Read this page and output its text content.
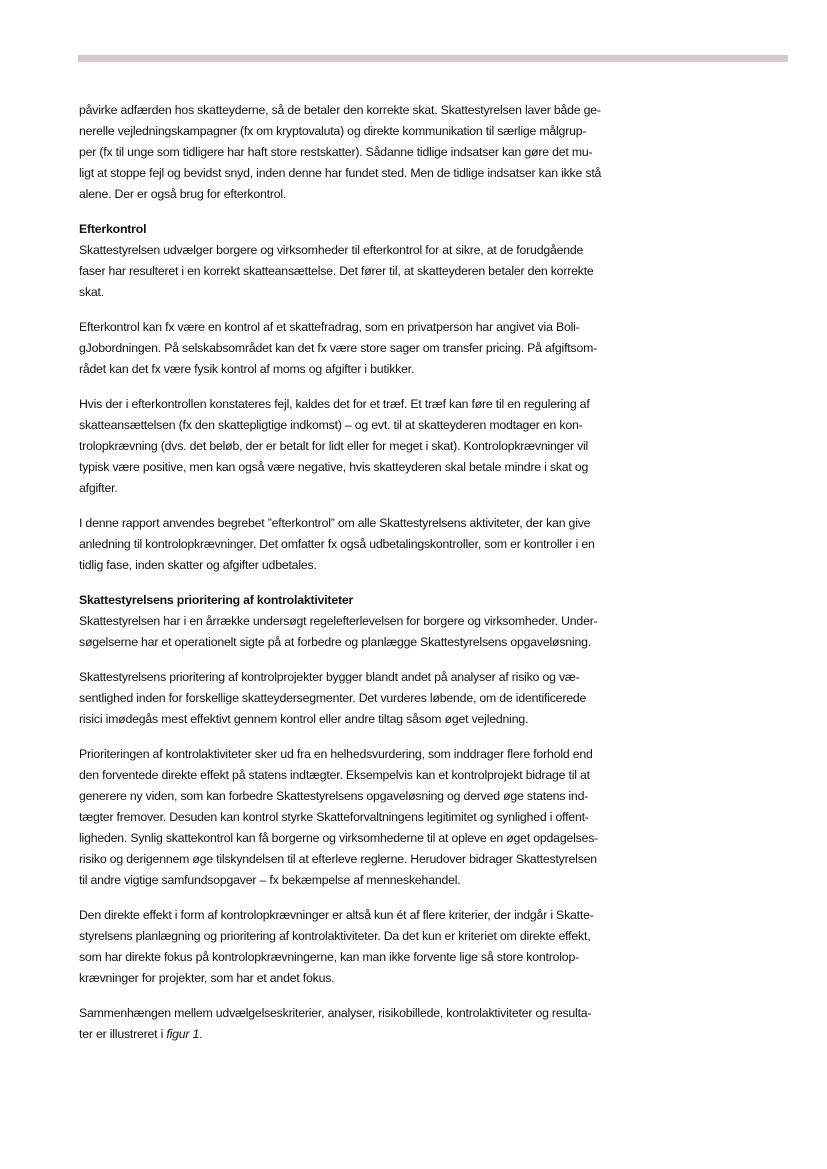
påvirke adfærden hos skatteyderne, så de betaler den korrekte skat. Skattestyrelsen laver både ge-
nerelle vejledningskampagner (fx om kryptovaluta) og direkte kommunikation til særlige målgrup-
per (fx til unge som tidligere har haft store restskatter). Sådanne tidlige indsatser kan gøre det mu-
ligt at stoppe fejl og bevidst snyd, inden denne har fundet sted. Men de tidlige indsatser kan ikke stå
alene. Der er også brug for efterkontrol.
Efterkontrol
Skattestyrelsen udvælger borgere og virksomheder til efterkontrol for at sikre, at de forudgående
faser har resulteret i en korrekt skatteansættelse. Det fører til, at skatteyderen betaler den korrekte
skat.
Efterkontrol kan fx være en kontrol af et skattefradrag, som en privatperson har angivet via Boli-
gJobordningen. På selskabsområdet kan det fx være store sager om transfer pricing. På afgiftsom-
rådet kan det fx være fysik kontrol af moms og afgifter i butikker.
Hvis der i efterkontrollen konstateres fejl, kaldes det for et træf. Et træf kan føre til en regulering af
skatteansættelsen (fx den skattepligtige indkomst) – og evt. til at skatteyderen modtager en kon-
trolopkrævning (dvs. det beløb, der er betalt for lidt eller for meget i skat). Kontrolopkrævninger vil
typisk være positive, men kan også være negative, hvis skatteyderen skal betale mindre i skat og
afgifter.
I denne rapport anvendes begrebet ”efterkontrol” om alle Skattestyrelsens aktiviteter, der kan give
anledning til kontrolopkrævninger. Det omfatter fx også udbetalingskontroller, som er kontroller i en
tidlig fase, inden skatter og afgifter udbetales.
Skattestyrelsens prioritering af kontrolaktiviteter
Skattestyrelsen har i en årrække undersøgt regelefterlevelsen for borgere og virksomheder. Under-
søgelserne har et operationelt sigte på at forbedre og planlægge Skattestyrelsens opgaveløsning.
Skattestyrelsens prioritering af kontrolprojekter bygger blandt andet på analyser af risiko og væ-
sentlighed inden for forskellige skatteydersegmenter. Det vurderes løbende, om de identificerede
risici imødegås mest effektivt gennem kontrol eller andre tiltag såsom øget vejledning.
Prioriteringen af kontrolaktiviteter sker ud fra en helhedsvurdering, som inddrager flere forhold end
den forventede direkte effekt på statens indtægter. Eksempelvis kan et kontrolprojekt bidrage til at
generere ny viden, som kan forbedre Skattestyrelsens opgaveløsning og derved øge statens ind-
tægter fremover. Desuden kan kontrol styrke Skatteforvaltningens legitimitet og synlighed i offent-
ligheden. Synlig skattekontrol kan få borgerne og virksomhederne til at opleve en øget opdagelses-
risiko og derigennem øge tilskyndelsen til at efterleve reglerne. Herudover bidrager Skattestyrelsen
til andre vigtige samfundsopgaver – fx bekæmpelse af menneskehandel.
Den direkte effekt i form af kontrolopkrævninger er altså kun ét af flere kriterier, der indgår i Skatte-
styrelsens planlægning og prioritering af kontrolaktiviteter. Da det kun er kriteriet om direkte effekt,
som har direkte fokus på kontrolopkrævningerne, kan man ikke forvente lige så store kontrolop-
krævninger for projekter, som har et andet fokus.
Sammenhængen mellem udvælgelseskriterier, analyser, risikobillede, kontrolaktiviteter og resulta-
ter er illustreret i figur 1.
